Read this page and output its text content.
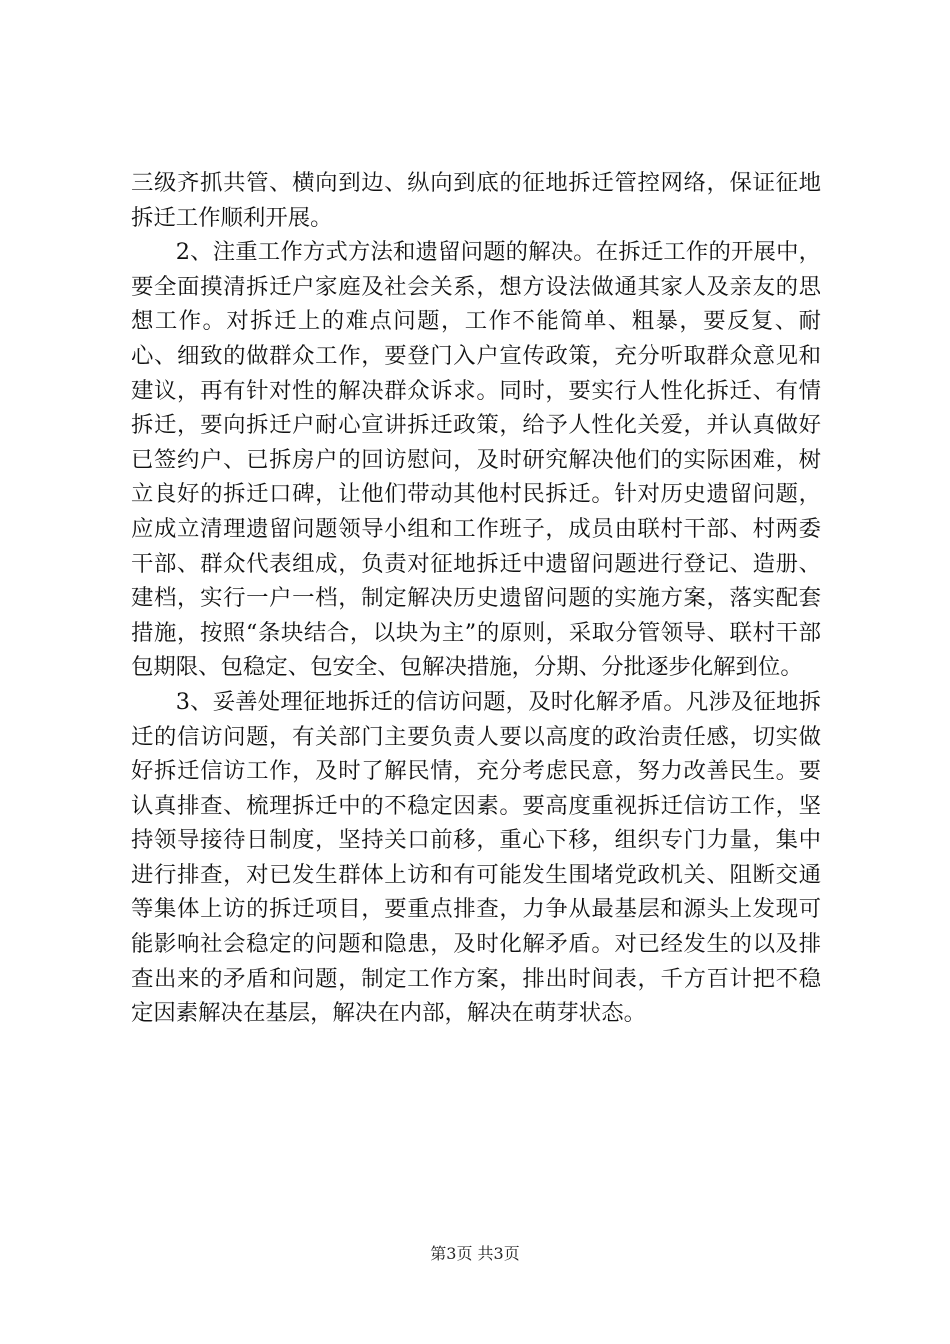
三级齐抓共管、横向到边、纵向到底的征地拆迁管控网络，保证征地拆迁工作顺利开展。

2、注重工作方式方法和遗留问题的解决。在拆迁工作的开展中，要全面摸清拆迁户家庭及社会关系，想方设法做通其家人及亲友的思想工作。对拆迁上的难点问题，工作不能简单、粗暴，要反复、耐心、细致的做群众工作，要登门入户宣传政策，充分听取群众意见和建议，再有针对性的解决群众诉求。同时，要实行人性化拆迁、有情拆迁，要向拆迁户耐心宣讲拆迁政策，给予人性化关爱，并认真做好已签约户、已拆房户的回访慰问，及时研究解决他们的实际困难，树立良好的拆迁口碑，让他们带动其他村民拆迁。针对历史遗留问题，应成立清理遗留问题领导小组和工作班子，成员由联村干部、村两委干部、群众代表组成，负责对征地拆迁中遗留问题进行登记、造册、建档，实行一户一档，制定解决历史遗留问题的实施方案，落实配套措施，按照“条块结合，以块为主”的原则，采取分管领导、联村干部包期限、包稳定、包安全、包解决措施，分期、分批逐步化解到位。

3、妥善处理征地拆迁的信访问题，及时化解矛盾。凡涉及征地拆迁的信访问题，有关部门主要负责人要以高度的政治责任感，切实做好拆迁信访工作，及时了解民情，充分考虑民意，努力改善民生。要认真排查、梳理拆迁中的不稳定因素。要高度重视拆迁信访工作，坚持领导接待日制度，坚持关口前移，重心下移，组织专门力量，集中进行排查，对已发生群体上访和有可能发生围堵党政机关、阻断交通等集体上访的拆迁项目，要重点排查，力争从最基层和源头上发现可能影响社会稳定的问题和隐患，及时化解矛盾。对已经发生的以及排查出来的矛盾和问题，制定工作方案，排出时间表，千方百计把不稳定因素解决在基层，解决在内部，解决在萌芽状态。

第3页 共3页
